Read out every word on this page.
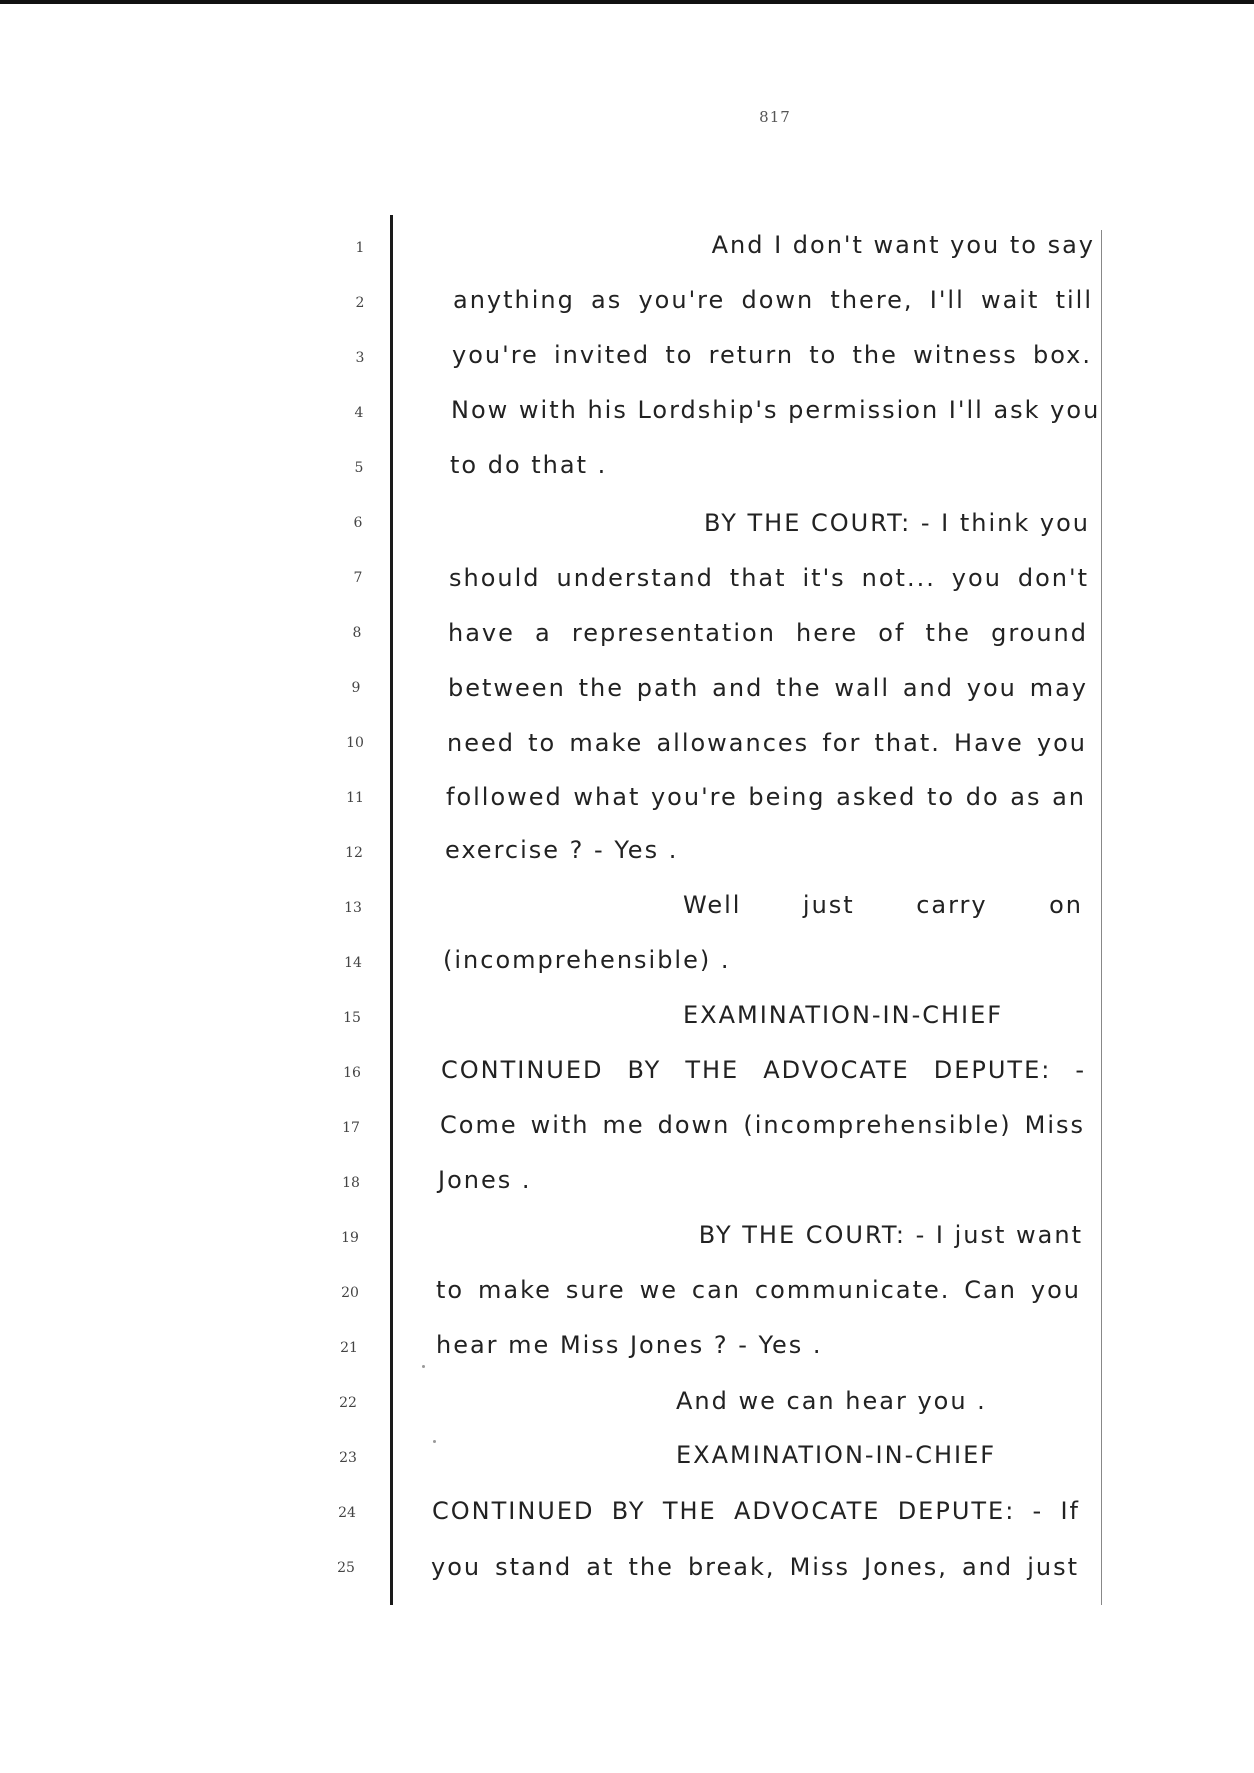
817
1
2
3
4
5
6
7
8
9
10
11
12
13
14
15
16
17
18
19
20
21
22
23
24
25
And I don't want you to say
anything as you're down there, I'll wait till
you're invited to return to the witness box.
Now with his Lordship's permission I'll ask you
to do that .
BY THE COURT: - I think you
should understand that it's not... you don't
have a representation here of the ground
between the path and the wall and you may
need to make allowances for that. Have you
followed what you're being asked to do as an
exercise ? - Yes .
Well just carry on
(incomprehensible) .
EXAMINATION-IN-CHIEF
CONTINUED BY THE ADVOCATE DEPUTE: -
Come with me down (incomprehensible) Miss
Jones .
BY THE COURT: - I just want
to make sure we can communicate. Can you
hear me Miss Jones ? - Yes .
And we can hear you .
EXAMINATION-IN-CHIEF
CONTINUED BY THE ADVOCATE DEPUTE: - If
you stand at the break, Miss Jones, and just
